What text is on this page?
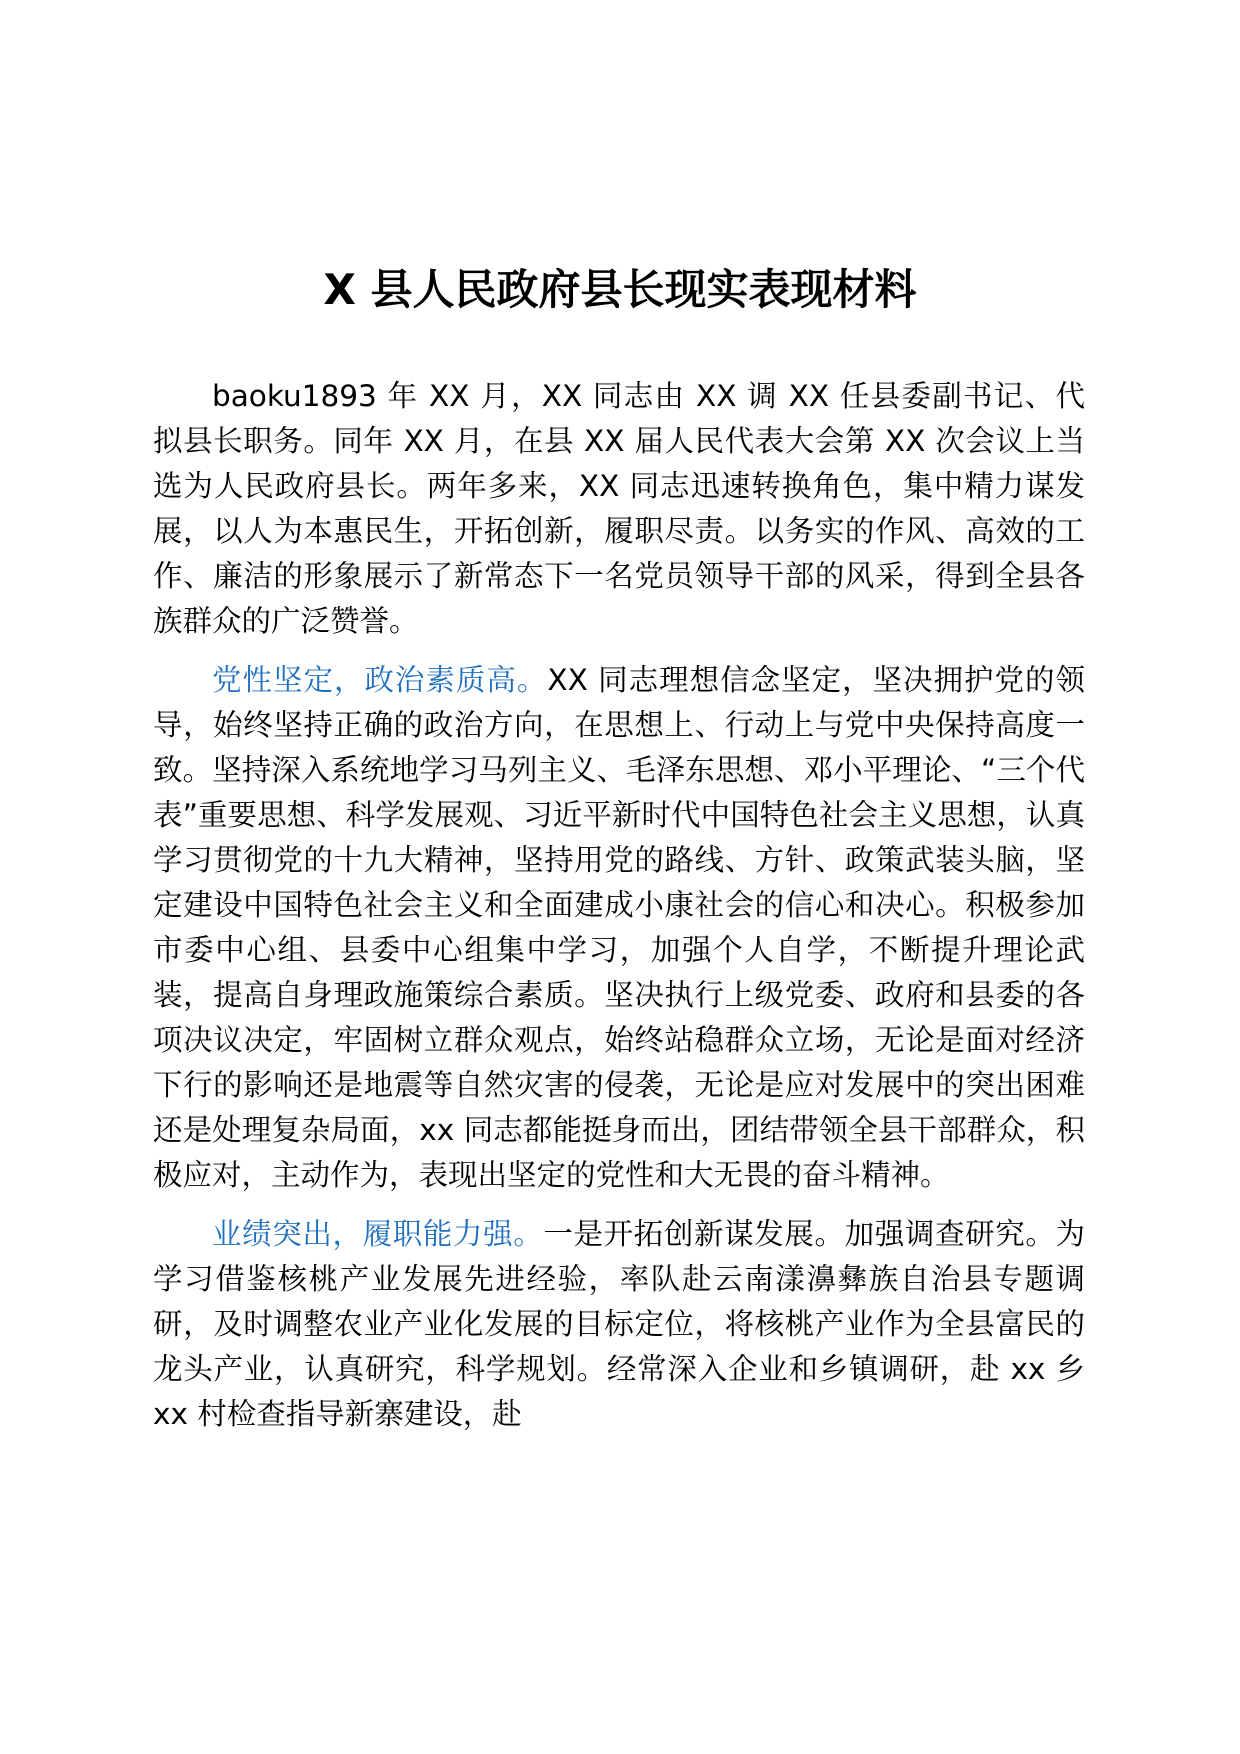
X 县人民政府县长现实表现材料

baoku1893 年 XX 月，XX 同志由 XX 调 XX 任县委副书记、代拟县长职务。同年 XX 月，在县 XX 届人民代表大会第 XX 次会议上当选为人民政府县长。两年多来，XX 同志迅速转换角色，集中精力谋发展，以人为本惠民生，开拓创新，履职尽责。以务实的作风、高效的工作、廉洁的形象展示了新常态下一名党员领导干部的风采，得到全县各族群众的广泛赞誉。

党性坚定，政治素质高。XX 同志理想信念坚定，坚决拥护党的领导，始终坚持正确的政治方向，在思想上、行动上与党中央保持高度一致。坚持深入系统地学习马列主义、毛泽东思想、邓小平理论、“三个代表”重要思想、科学发展观、习近平新时代中国特色社会主义思想，认真学习贯彻党的十九大精神，坚持用党的路线、方针、政策武装头脑，坚定建设中国特色社会主义和全面建成小康社会的信心和决心。积极参加市委中心组、县委中心组集中学习，加强个人自学，不断提升理论武装，提高自身理政施策综合素质。坚决执行上级党委、政府和县委的各项决议决定，牢固树立群众观点，始终站稳群众立场，无论是面对经济下行的影响还是地震等自然灾害的侵袭，无论是应对发展中的突出困难还是处理复杂局面，xx 同志都能挺身而出，团结带领全县干部群众，积极应对，主动作为，表现出坚定的党性和大无畏的奋斗精神。

业绩突出，履职能力强。一是开拓创新谋发展。加强调查研究。为学习借鉴核桃产业发展先进经验，率队赴云南漾濞彝族自治县专题调研，及时调整农业产业化发展的目标定位，将核桃产业作为全县富民的龙头产业，认真研究，科学规划。经常深入企业和乡镇调研，赴 xx 乡 xx 村检查指导新寨建设，赴
